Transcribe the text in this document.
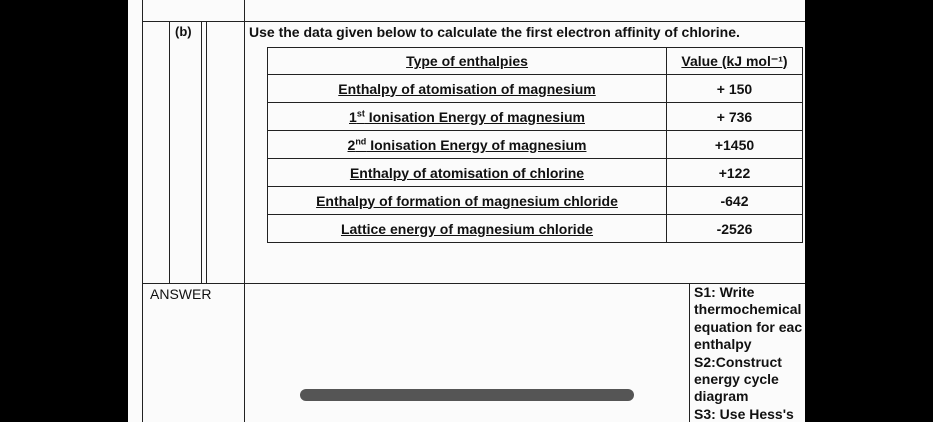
(b)	Use the data given below to calculate the first electron affinity of chlorine.
Type of enthalpies	Value (kJ mol⁻¹)
Enthalpy of atomisation of magnesium	+ 150
1st Ionisation Energy of magnesium	+ 736
2nd Ionisation Energy of magnesium	+1450
Enthalpy of atomisation of chlorine	+122
Enthalpy of formation of magnesium chloride	-642
Lattice energy of magnesium chloride	-2526
ANSWER	S1: Write
thermochemical
equation for eac
enthalpy
S2:Construct
energy cycle
diagram
S3: Use Hess's
